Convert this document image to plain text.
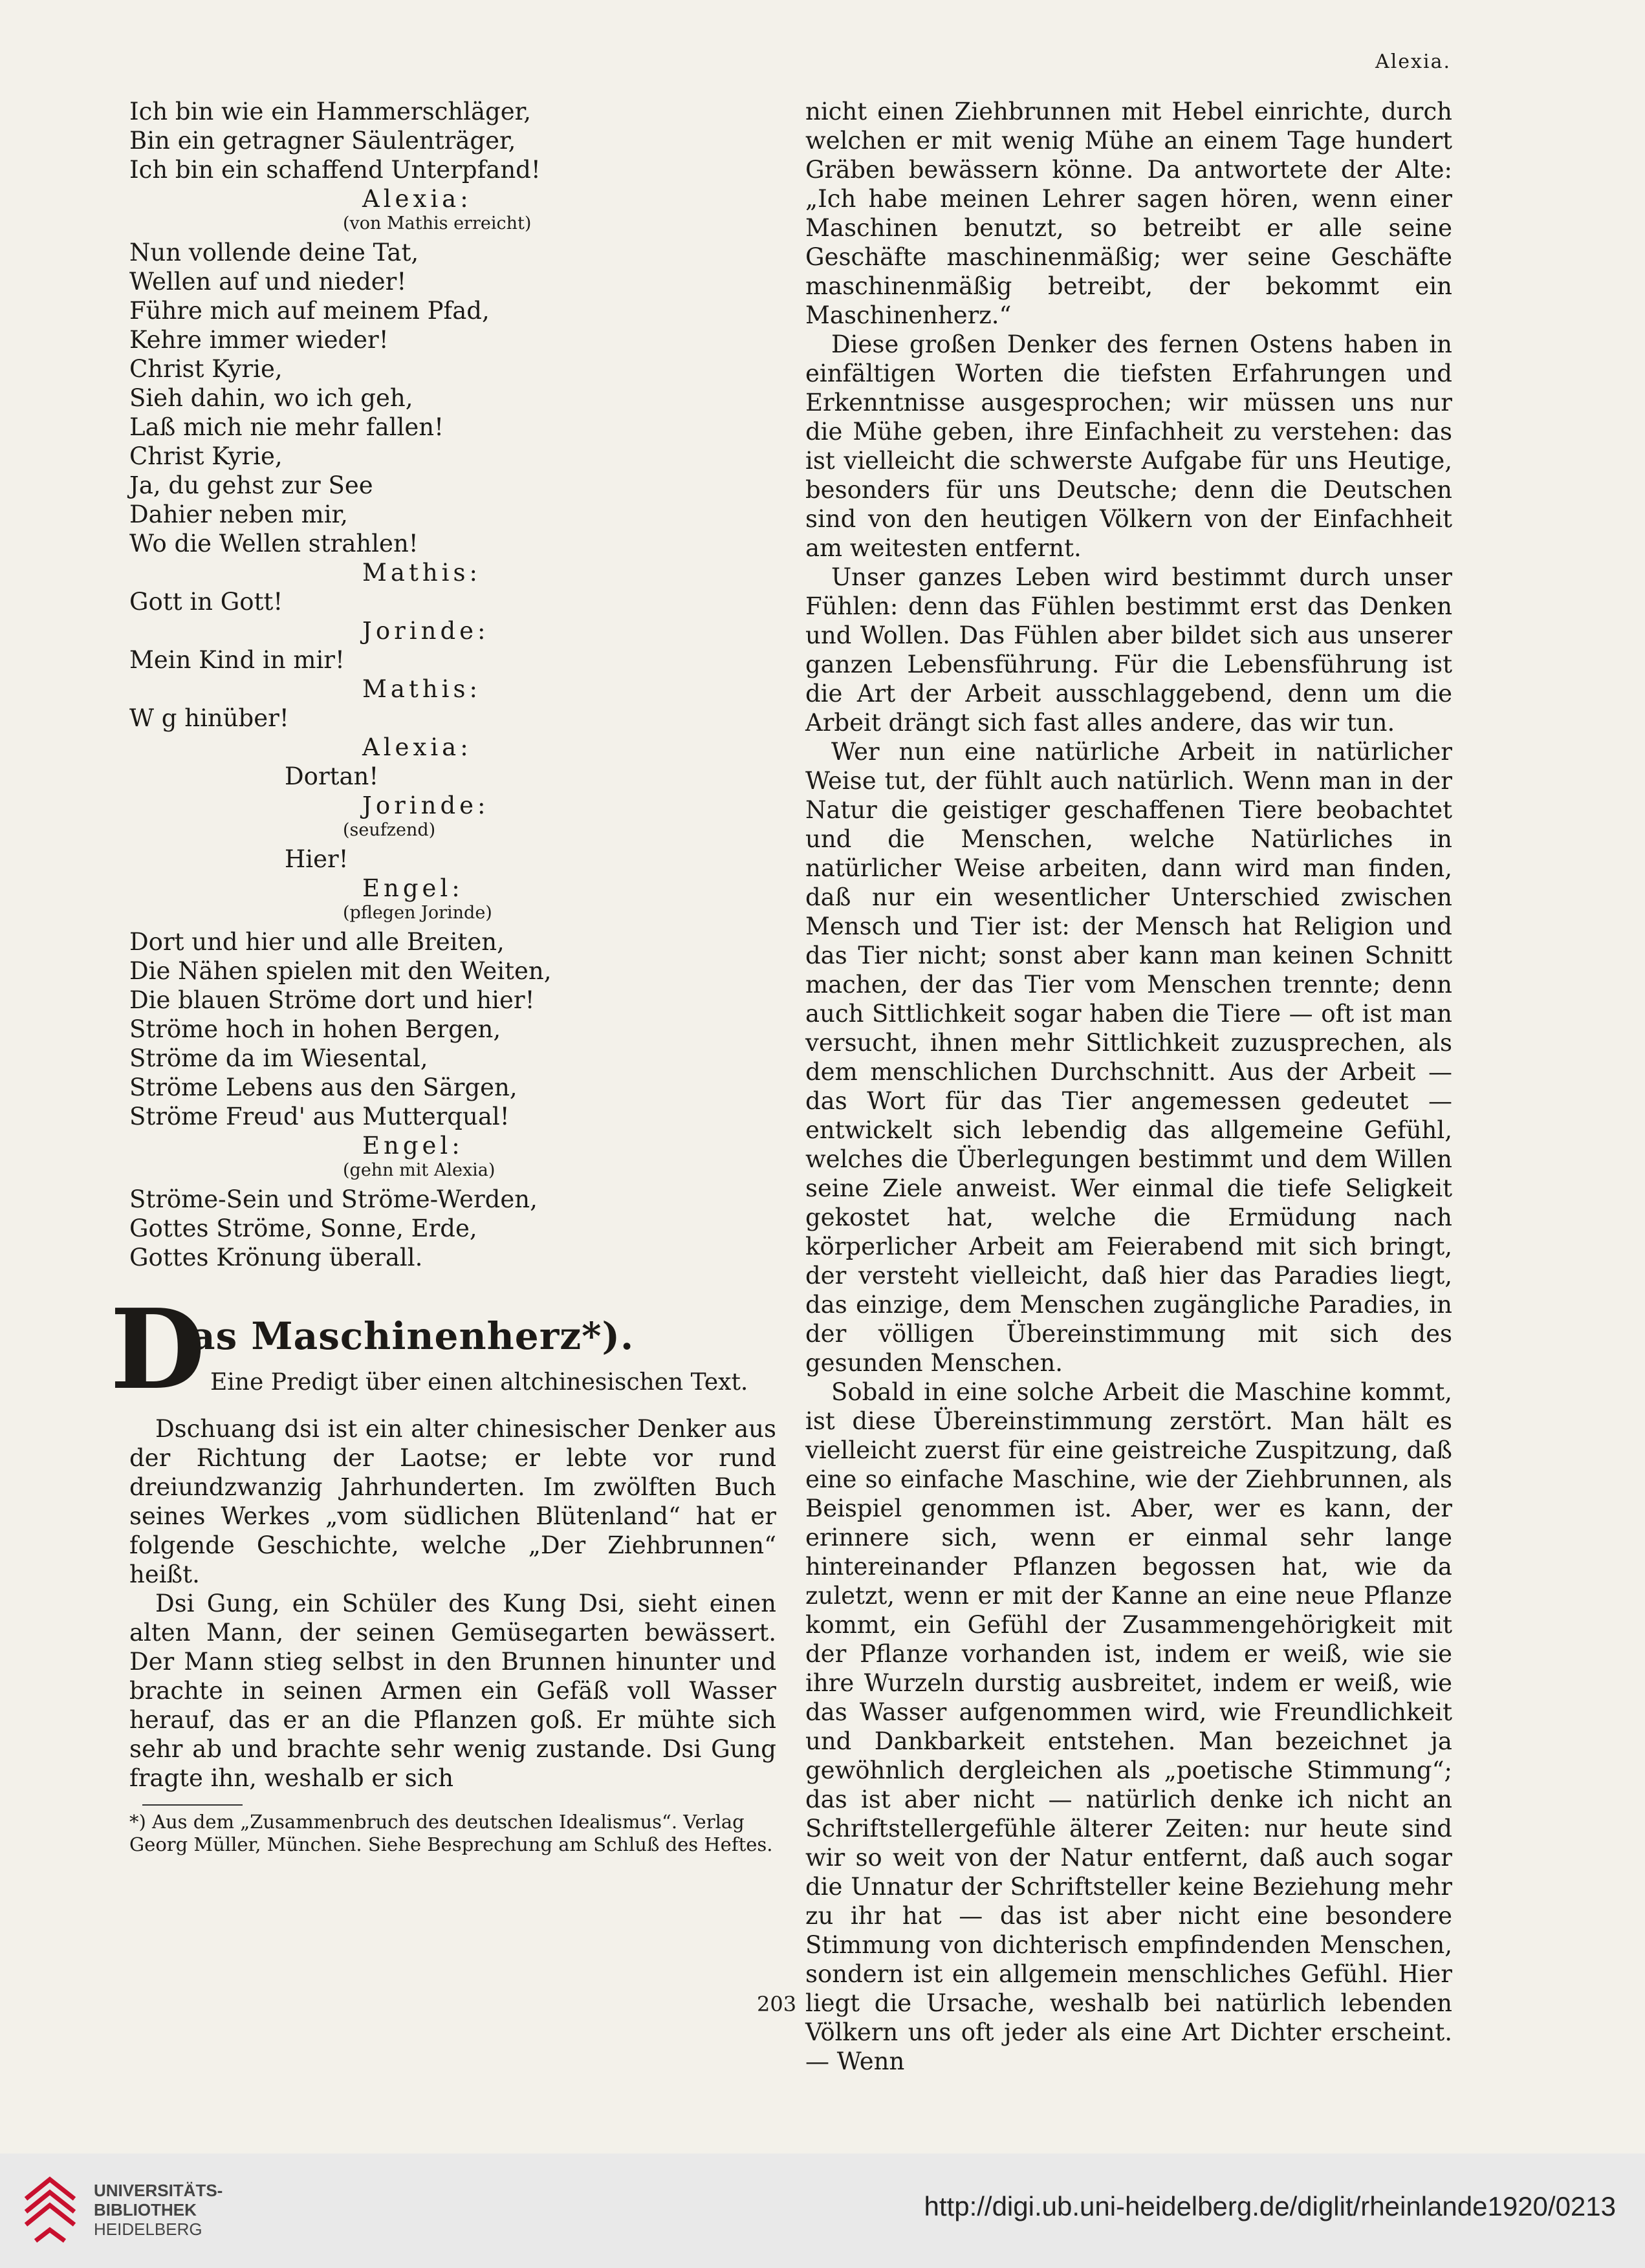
Alexia.

Ich bin wie ein Hammerschläger,

Bin ein getragner Säulenträger,

Ich bin ein schaffend Unterpfand!

Alexia:

(von Mathis erreicht)

Nun vollende deine Tat,

Wellen auf und nieder!

Führe mich auf meinem Pfad,

Kehre immer wieder!

Christ Kyrie,

Sieh dahin, wo ich geh,

Laß mich nie mehr fallen!

Christ Kyrie,

Ja, du gehst zur See

Dahier neben mir,

Wo die Wellen strahlen!

Mathis:

Gott in Gott!

Jorinde:

Mein Kind in mir!

Mathis:

W g hinüber!

Alexia:

Dortan!

Jorinde:

(seufzend)

Hier!

Engel:

(pflegen Jorinde)

Dort und hier und alle Breiten,

Die Nähen spielen mit den Weiten,

Die blauen Ströme dort und hier!

Ströme hoch in hohen Bergen,

Ströme da im Wiesental,

Ströme Lebens aus den Särgen,

Ströme Freud' aus Mutterqual!

Engel:

(gehn mit Alexia)

Ströme-Sein und Ströme-Werden,

Gottes Ströme, Sonne, Erde,

Gottes Krönung überall.

D
as Maschinenherz*).
Eine Predigt über einen altchinesischen Text.

Dschuang dsi ist ein alter chinesischer Denker aus der Richtung der Laotse; er lebte vor rund dreiundzwanzig Jahrhunderten. Im zwölften Buch seines Werkes „vom südlichen Blütenland“ hat er folgende Geschichte, welche „Der Ziehbrunnen“ heißt.

Dsi Gung, ein Schüler des Kung Dsi, sieht einen alten Mann, der seinen Gemüsegarten bewässert. Der Mann stieg selbst in den Brunnen hinunter und brachte in seinen Armen ein Gefäß voll Wasser herauf, das er an die Pflanzen goß. Er mühte sich sehr ab und brachte sehr wenig zustande. Dsi Gung fragte ihn, weshalb er sich

*) Aus dem „Zusammenbruch des deutschen Idealismus“. Verlag Georg Müller, München. Siehe Besprechung am Schluß des Heftes.

nicht einen Ziehbrunnen mit Hebel einrichte, durch welchen er mit wenig Mühe an einem Tage hundert Gräben bewässern könne. Da antwortete der Alte: „Ich habe meinen Lehrer sagen hören, wenn einer Maschinen benutzt, so betreibt er alle seine Geschäfte maschinenmäßig; wer seine Geschäfte maschinenmäßig betreibt, der bekommt ein Maschinenherz.“

Diese großen Denker des fernen Ostens haben in einfältigen Worten die tiefsten Erfahrungen und Erkenntnisse ausgesprochen; wir müssen uns nur die Mühe geben, ihre Einfachheit zu verstehen: das ist vielleicht die schwerste Aufgabe für uns Heutige, besonders für uns Deutsche; denn die Deutschen sind von den heutigen Völkern von der Einfachheit am weitesten entfernt.

Unser ganzes Leben wird bestimmt durch unser Fühlen: denn das Fühlen bestimmt erst das Denken und Wollen. Das Fühlen aber bildet sich aus unserer ganzen Lebensführung. Für die Lebensführung ist die Art der Arbeit ausschlaggebend, denn um die Arbeit drängt sich fast alles andere, das wir tun.

Wer nun eine natürliche Arbeit in natürlicher Weise tut, der fühlt auch natürlich. Wenn man in der Natur die geistiger geschaffenen Tiere beobachtet und die Menschen, welche Natürliches in natürlicher Weise arbeiten, dann wird man finden, daß nur ein wesentlicher Unterschied zwischen Mensch und Tier ist: der Mensch hat Religion und das Tier nicht; sonst aber kann man keinen Schnitt machen, der das Tier vom Menschen trennte; denn auch Sittlichkeit sogar haben die Tiere — oft ist man versucht, ihnen mehr Sittlichkeit zuzusprechen, als dem menschlichen Durchschnitt. Aus der Arbeit — das Wort für das Tier angemessen gedeutet — entwickelt sich lebendig das allgemeine Gefühl, welches die Überlegungen bestimmt und dem Willen seine Ziele anweist. Wer einmal die tiefe Seligkeit gekostet hat, welche die Ermüdung nach körperlicher Arbeit am Feierabend mit sich bringt, der versteht vielleicht, daß hier das Paradies liegt, das einzige, dem Menschen zugängliche Paradies, in der völligen Übereinstimmung mit sich des gesunden Menschen.

Sobald in eine solche Arbeit die Maschine kommt, ist diese Übereinstimmung zerstört. Man hält es vielleicht zuerst für eine geistreiche Zuspitzung, daß eine so einfache Maschine, wie der Ziehbrunnen, als Beispiel genommen ist. Aber, wer es kann, der erinnere sich, wenn er einmal sehr lange hintereinander Pflanzen begossen hat, wie da zuletzt, wenn er mit der Kanne an eine neue Pflanze kommt, ein Gefühl der Zusammengehörigkeit mit der Pflanze vorhanden ist, indem er weiß, wie sie ihre Wurzeln durstig ausbreitet, indem er weiß, wie das Wasser aufgenommen wird, wie Freundlichkeit und Dankbarkeit entstehen. Man bezeichnet ja gewöhnlich dergleichen als „poetische Stimmung“; das ist aber nicht — natürlich denke ich nicht an Schriftstellergefühle älterer Zeiten: nur heute sind wir so weit von der Natur entfernt, daß auch sogar die Unnatur der Schriftsteller keine Beziehung mehr zu ihr hat — das ist aber nicht eine besondere Stimmung von dichterisch empfindenden Menschen, sondern ist ein allgemein menschliches Gefühl. Hier liegt die Ursache, weshalb bei natürlich lebenden Völkern uns oft jeder als eine Art Dichter erscheint. — Wenn

203
UNIVERSITÄTS-
BIBLIOTHEK
HEIDELBERG
http://digi.ub.uni-heidelberg.de/diglit/rheinlande1920/0213
